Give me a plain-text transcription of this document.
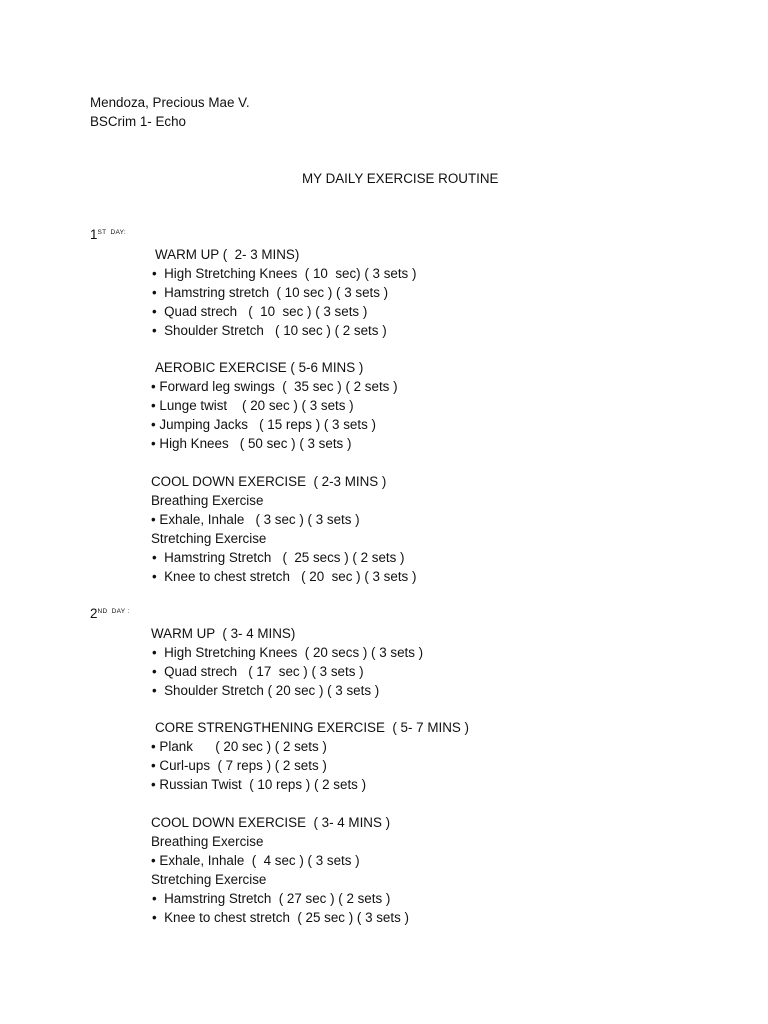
Mendoza, Precious Mae V.
BSCrim 1- Echo
MY DAILY EXERCISE ROUTINE
$1^{ST DAY:}$
WARM UP (  2- 3 MINS)
•  High Stretching Knees  ( 10  sec) ( 3 sets )
•  Hamstring stretch  ( 10 sec ) ( 3 sets )
•  Quad strech   (  10  sec ) ( 3 sets )
•  Shoulder Stretch   ( 10 sec ) ( 2 sets )
AEROBIC EXERCISE ( 5-6 MINS )
• Forward leg swings  (  35 sec ) ( 2 sets )
• Lunge twist    ( 20 sec ) ( 3 sets )
• Jumping Jacks   ( 15 reps ) ( 3 sets )
• High Knees   ( 50 sec ) ( 3 sets )
COOL DOWN EXERCISE  ( 2-3 MINS )
Breathing Exercise
• Exhale, Inhale   ( 3 sec ) ( 3 sets )
Stretching Exercise
•  Hamstring Stretch   (  25 secs ) ( 2 sets )
•  Knee to chest stretch   ( 20  sec ) ( 3 sets )
$2^{ND DAY :}$
WARM UP  ( 3- 4 MINS)
•  High Stretching Knees  ( 20 secs ) ( 3 sets )
•  Quad strech   ( 17  sec ) ( 3 sets )
•  Shoulder Stretch ( 20 sec ) ( 3 sets )
CORE STRENGTHENING EXERCISE  ( 5- 7 MINS )
• Plank      ( 20 sec ) ( 2 sets )
• Curl-ups  ( 7 reps ) ( 2 sets )
• Russian Twist  ( 10 reps ) ( 2 sets )
COOL DOWN EXERCISE  ( 3- 4 MINS )
Breathing Exercise
• Exhale, Inhale  (  4 sec ) ( 3 sets )
Stretching Exercise
•  Hamstring Stretch  ( 27 sec ) ( 2 sets )
•  Knee to chest stretch  ( 25 sec ) ( 3 sets )
